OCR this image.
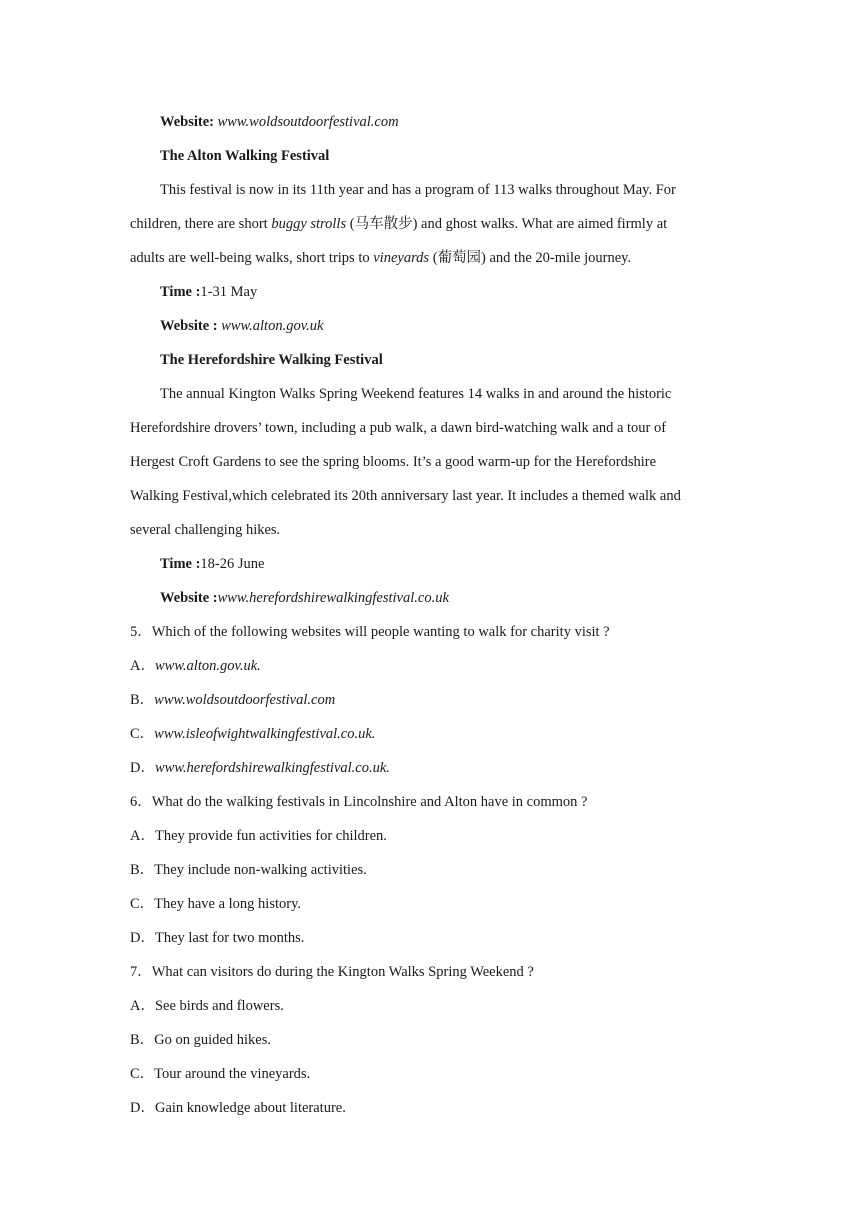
Website: www.woldsoutdoorfestival.com
The Alton Walking Festival
This festival is now in its 11th year and has a program of 113 walks throughout May. For
children, there are short buggy strolls (马车散步) and ghost walks. What are aimed firmly at
adults are well-being walks, short trips to vineyards (葡萄园) and the 20-mile journey.
Time :1-31 May
Website : www.alton.gov.uk
The Herefordshire Walking Festival
The annual Kington Walks Spring Weekend features 14 walks in and around the historic
Herefordshire drovers’ town, including a pub walk, a dawn bird-watching walk and a tour of
Hergest Croft Gardens to see the spring blooms. It’s a good warm-up for the Herefordshire
Walking Festival,which celebrated its 20th anniversary last year. It includes a themed walk and
several challenging hikes.
Time :18-26 June
Website :www.herefordshirewalkingfestival.co.uk
5．Which of the following websites will people wanting to walk for charity visit ?
A．www.alton.gov.uk.
B．www.woldsoutdoorfestival.com
C．www.isleofwightwalkingfestival.co.uk.
D．www.herefordshirewalkingfestival.co.uk.
6．What do the walking festivals in Lincolnshire and Alton have in common ?
A．They provide fun activities for children.
B．They include non-walking activities.
C．They have a long history.
D．They last for two months.
7．What can visitors do during the Kington Walks Spring Weekend ?
A．See birds and flowers.
B．Go on guided hikes.
C．Tour around the vineyards.
D．Gain knowledge about literature.
